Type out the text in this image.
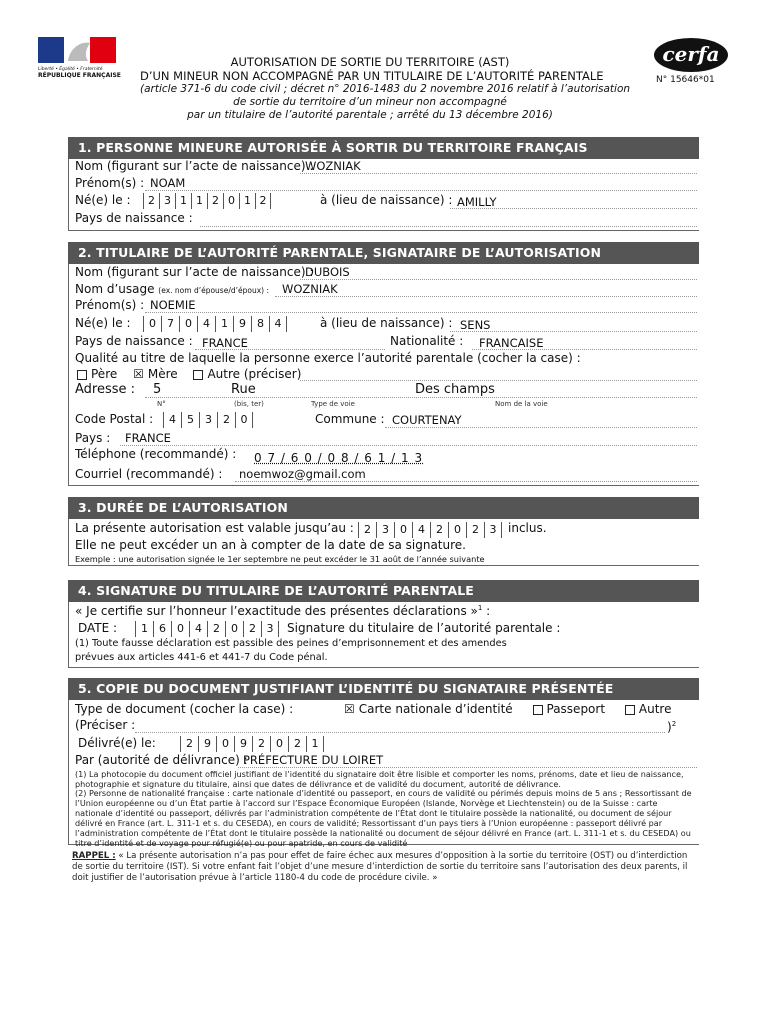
Liberté • Égalité • Fraternité
RÉPUBLIQUE FRANÇAISE
AUTORISATION DE SORTIE DU TERRITOIRE (AST)
D’UN MINEUR NON ACCOMPAGNÉ PAR UN TITULAIRE DE L’AUTORITÉ PARENTALE
(article 371-6 du code civil ; décret n° 2016-1483 du 2 novembre 2016 relatif à l’autorisation
de sortie du territoire d’un mineur non accompagné
par un titulaire de l’autorité parentale ; arrêté du 13 décembre 2016)
cerfa
N° 15646*01
1. PERSONNE MINEURE AUTORISÉE À SORTIR DU TERRITOIRE FRANÇAIS
Nom (figurant sur l’acte de naissance) :
WOZNIAK
Prénom(s) : NOAM
Né(e) le :	2 3 1 1 2 0 1 2	à (lieu de naissance) : AMILLY
Pays de naissance :
2. TITULAIRE DE L’AUTORITÉ PARENTALE, SIGNATAIRE DE L’AUTORISATION
Nom (figurant sur l’acte de naissance) :
DUBOIS
Nom d’usage (ex. nom d’épouse/d’époux) : WOZNIAK
Prénom(s) : NOEMIE
Né(e) le :	0	7	0	4	1	9	8 4	à (lieu de naissance) : SENS
Pays de naissance : FRANCE	Nationalité : FRANCAISE
Qualité au titre de laquelle la personne exerce l’autorité parentale (cocher la case) :
Père ☒ Mère Autre (préciser)
Adresse : 5	Rue	Des champs
N°	(bis, ter)	Type de voie	Nom de la voie
Code Postal :	4	5	3	2 0	Commune : COURTENAY
Pays : FRANCE
Téléphone (recommandé) : 0 7 / 6 0 / 0 8 / 6 1 / 1 3
Courriel (recommandé) : noemwoz@gmail.com
3. DURÉE DE L’AUTORISATION
La présente autorisation est valable jusqu’au : 2	3	0	4	2	0	2 3 inclus.
Elle ne peut excéder un an à compter de la date de sa signature.
Exemple : une autorisation signée le 1er septembre ne peut excéder le 31 août de l’année suivante
4. SIGNATURE DU TITULAIRE DE L’AUTORITÉ PARENTALE
« Je certifie sur l’honneur l’exactitude des présentes déclarations »$^1$ :
DATE :	1	6	0	4	2	0	2 3	Signature du titulaire de l’autorité parentale :
(1) Toute fausse déclaration est passible des peines d’emprisonnement et des amendes
prévues aux articles 441-6 et 441-7 du Code pénal.
5. COPIE DU DOCUMENT JUSTIFIANT L’IDENTITÉ DU SIGNATAIRE PRÉSENTÉE
Type de document (cocher la case) :	☒ Carte nationale d’identité	Passeport	Autre
(Préciser :	)$^2$
Délivré(e) le:	2	9	0	9	2	0	2 1
Par (autorité de délivrance) :
PRÉFECTURE DU LOIRET
(1) La photocopie du document officiel justifiant de l’identité du signataire doit être lisible et comporter les noms, prénoms, date et lieu de naissance, photographie et signature du titulaire, ainsi que dates de délivrance et de validité du document, autorité de délivrance.
(2) Personne de nationalité française : carte nationale d’identité ou passeport, en cours de validité ou périmés depuis moins de 5 ans ; Ressortissant de l’Union européenne ou d’un État partie à l’accord sur l’Espace Économique Européen (Islande, Norvège et Liechtenstein) ou de la Suisse : carte nationale d’identité ou passeport, délivrés par l’administration compétente de l’État dont le titulaire possède la nationalité, ou document de séjour délivré en France (art. L. 311-1 et s. du CESEDA), en cours de validité; Ressortissant d’un pays tiers à l’Union européenne : passeport délivré par l’administration compétente de l’État dont le titulaire possède la nationalité ou document de séjour délivré en France (art. L. 311-1 et s. du CESEDA) ou titre d’identité et de voyage pour réfugié(e) ou pour apatride, en cours de validité
RAPPEL : « La présente autorisation n’a pas pour effet de faire échec aux mesures d’opposition à la sortie du territoire (OST) ou d’interdiction de sortie du territoire (IST). Si votre enfant fait l’objet d’une mesure d’interdiction de sortie du territoire sans l’autorisation des deux parents, il doit justifier de l’autorisation prévue à l’article 1180-4 du code de procédure civile. »
